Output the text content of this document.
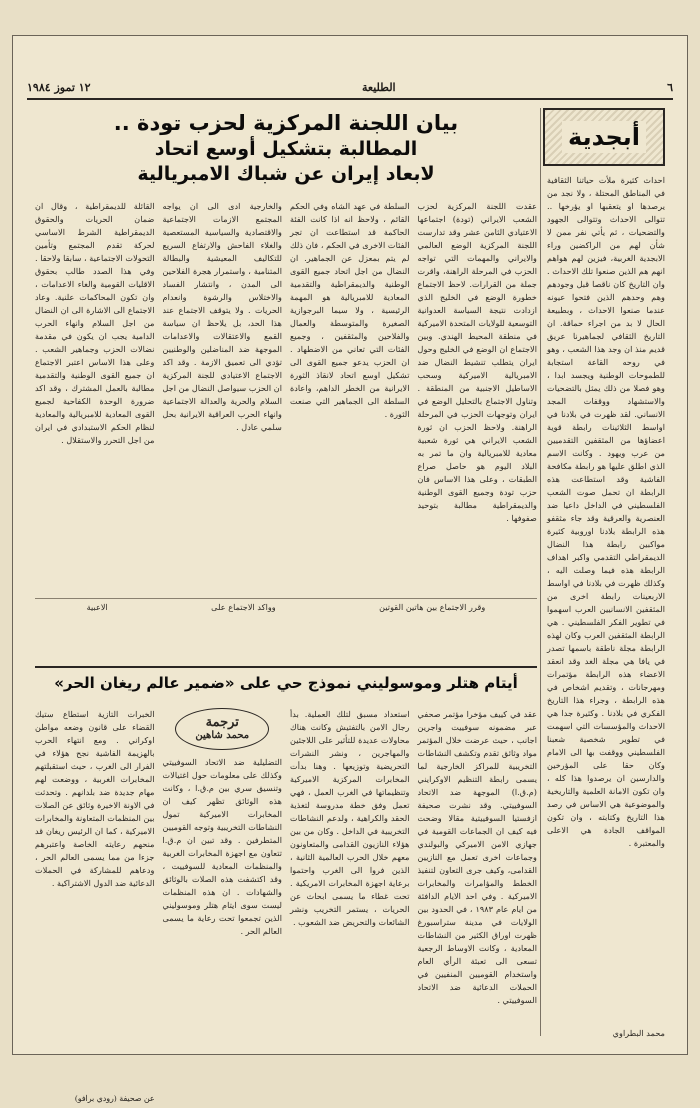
١٢ تموز ١٩٨٤	الطليعة	٦
أبجدية

احداث كثيرة ملأت حياتنا الثقافية في المناطق المحتلة ، ولا نجد من يرصدها او يتعقبها او يؤرخها .. تتوالى الاحداث وتتوالى الجهود والتضحيات ، ثم يأتي نفر ممن لا شأن لهم من الراكضين وراء الابجدية الغربية، فيزين لهم هواهم انهم هم الذين صنعوا تلك الاحداث . وان التاريخ كان ناقصا قبل وجودهم وهم وحدهم الذين فتحوا عيونه عندما صنعوا الاحداث ، وبطبيعة الحال لا بد من اجراء حماقة. ان التاريخ الثقافي لجماهيرنا عريق قديم منذ ان وجد هذا الشعب ، وهو في روحه القاعة استجابة للطموحات الوطنية ويجسد ابدا ، وهو فصلا من ذلك يمثل بالتضحيات والاستشهاد ووقفات المجد الانساني. لقد ظهرت في بلادنا في اواسط الثلاثينات رابطة قوية اعضاؤها من المثقفين التقدميين من عرب ويهود . وكانت الاسم الذي اطلق عليها هو رابطة مكافحة الفاشية وقد استطاعت هذه الرابطة ان تحمل صوت الشعب الفلسطيني في الداخل داعيا ضد العنصرية والعرقية وقد جاء مثقفو هذه الرابطة بلادنا اوروبية كثيرة مواكبين رابطة هذا النضال الديمقراطي التقدمي واكبر اهداف الرابطة هذه فيما وصلت اليه ، وكذلك ظهرت في بلادنا في اواسط الاربعينات رابطة اخرى من المثقفين الانسانيين العرب اسهموا في تطوير الفكر الفلسطيني . هي الرابطة المثقفين العرب وكان لهذه الرابطة مجلة ناطقة باسمها تصدر في يافا هي مجلة الغد وقد انعقد الاعضاء هذه الرابطة مؤتمرات ومهرجانات ، وتقديم اشخاص في هذه الرابطة ، وجراء هذا التاريخ الفكري في بلادنا . وكثيرة جدا هي الاحداث والمؤسسات التي اسهمت في تطوير شخصية شعبنا الفلسطيني ووقفت بها الى الامام وكان حقا على المؤرخين والدارسين ان يرصدوا هذا كله ، وان تكون الامانة العلمية والتاريخية والموضوعية هي الاساس في رصد هذا التاريخ وكتابته ، وان تكون المواقف الجادة هي الاعلى والمعتبرة .

محمد البطراوي
بيان اللجنة المركزية لحزب تودة ..
المطالبة بتشكيل أوسع اتحاد
لابعاد إيران عن شباك الامبريالية

عقدت اللجنة المركزية لحزب الشعب الايراني (تودة) اجتماعها الاعتيادي الثامن عشر وقد تدارست اللجنة المركزية الوضع العالمي والايراني والمهمات التي تواجه الحزب في المرحلة الراهنة، واقرت جملة من القرارات. لاحظ الاجتماع خطورة الوضع في الخليج الذي ازدادت نتيجة السياسة العدوانية التوسعية للولايات المتحدة الاميركية في منطقة المحيط الهندي. وبين الاجتماع ان الوضع في الخليج وحول ايران يتطلب تنشيط النضال ضد الامبريالية الاميركية وسحب الاساطيل الاجنبية من المنطقة . وتناول الاجتماع بالتحليل الوضع في ايران وتوجهات الحزب في المرحلة الراهنة. ولاحظ الحزب ان ثورة الشعب الايراني هي ثورة شعبية معادية للامبريالية وان ما تمر به البلاد اليوم هو حاصل صراع الطبقات ، وعلى هذا الاساس فان حزب تودة وجميع القوى الوطنية والديمقراطية مطالبة بتوحيد صفوفها .

السلطة في عهد الشاه وفي الحكم القائم ، ولاحظ انه اذا كانت الفئة الحاكمة قد استطاعت ان تجر الفئات الاخرى في الحكم ، فان ذلك لم يتم بمعزل عن الجماهير. ان النضال من اجل اتحاد جميع القوى الوطنية والديمقراطية والتقدمية المعادية للامبريالية هو المهمة الرئيسية ، ولا سيما البرجوازية الصغيرة والمتوسطة والعمال والفلاحين والمثقفين ، وجميع الفئات التي تعاني من الاضطهاد . ان الحزب يدعو جميع القوى الى تشكيل اوسع اتحاد لانقاذ الثورة الايرانية من الخطر الداهم، واعادة السلطة الى الجماهير التي صنعت الثورة .

والخارجية ادى الى ان يواجه المجتمع الازمات الاجتماعية والاقتصادية والسياسية المستعصية والغلاء الفاحش والارتفاع السريع للتكاليف المعيشية والبطالة المتنامية ، واستمرار هجرة الفلاحين الى المدن ، وانتشار الفساد والاختلاس والرشوة وانعدام الحريات . ولا يتوقف الاجتماع عند هذا الحد، بل يلاحظ ان سياسة القمع والاعتقالات والاعدامات الموجهة ضد المناضلين والوطنيين تؤدي الى تعميق الازمة . وقد اكد الاجتماع الاعتيادي للجنة المركزية ان الحزب سيواصل النضال من اجل السلام والحرية والعدالة الاجتماعية وانهاء الحرب العراقية الايرانية بحل سلمي عادل .

القائلة للديمقراطية ، وقال ان ضمان الحريات والحقوق الديمقراطية الشرط الاساسي لحركة تقدم المجتمع وتأمين التحولات الاجتماعية ، سابقا ولاحقا . وفي هذا الصدد طالب بحقوق الاقليات القومية والغاء الاعدامات ، وان تكون المحاكمات علنية. وعاد الاجتماع الى الاشارة الى ان النضال من اجل السلام وانهاء الحرب الدامية يجب ان يكون في مقدمة نضالات الحزب وجماهير الشعب . وعلى هذا الاساس اعتبر الاجتماع ان جميع القوى الوطنية والتقدمية مطالبة بالعمل المشترك ، وقد اكد ضرورة الوحدة الكفاحية لجميع القوى المعادية للامبريالية والمعادية لنظام الحكم الاستبدادي في ايران من اجل التحرر والاستقلال .

وقرر الاجتماع بين هاتين القوتين
وواكد الاجتماع على
الاعبية
أيتام هتلر وموسوليني نموذج حي على «ضمير عالم ريغان الحر»

عقد في كييف مؤخرا مؤتمر صحفي عبر مضمونه سوفييت واجرين اجانب ، حيث عرضت خلال المؤتمر مواد وثائق تقدم وتكشف النشاطات التخريبية للمراكز الخارجية لما يسمى رابطة التنظيم الاوكرايني (م.ق.ا) الموجهة ضد الاتحاد السوفييتي. وقد نشرت صحيفة ازفستيا السوفييتية مقالا وضحت فيه كيف ان الجماعات القومية في جهازي الامن الاميركي والبولندي وجماعات اخرى تعمل مع النازيين القدامى، وكيف جرى التعاون لتنفيذ الخطط والمؤامرات والمخابرات الاميركية . وفي احد الايام الدافئة من ايام عام ١٩٨٣ ، في الحدود بين الولايات في مدينة ستراسبورغ ظهرت اوراق الكثير من النشاطات المعادية ، وكانت الاوساط الرجعية تسعى الى تعبئة الرأي العام واستخدام القوميين المنفيين في الحملات الدعائية ضد الاتحاد السوفييتي .

استعداد مسبق لتلك العملية. بدأ رجال الامن بالتفتيش وكانت هناك محاولات عديدة للتأثير على اللاجئين والمهاجرين ، ونشر النشرات التحريضية وتوزيعها . وهنا بدأت المخابرات المركزية الاميركية وتنظيماتها في الغرب العمل ، فهي تعمل وفق خطة مدروسة لتغذية الحقد والكراهية ، ولدعم النشاطات التخريبية في الداخل . وكان من بين هؤلاء النازيون القدامى والمتعاونون معهم خلال الحرب العالمية الثانية ، الذين فروا الى الغرب واحتموا برعاية اجهزة المخابرات الامريكية . تحت غطاء ما يسمى ابحاث عن الحريات ، يستمر التخريب ونشر الشائعات والتحريض ضد الشعوب .

ترجمة
محمد شاهين

التضليلية ضد الاتحاد السوفييتي وكذلك على معلومات حول اغتيالات وتنسيق سري بين م.ق.ا ، وكانت هذه الوثائق تظهر كيف ان المخابرات الاميركية تمول النشاطات التخريبية وتوجه القوميين المتطرفين . وقد تبين ان م.ق.ا تتعاون مع اجهزة المخابرات الغربية والمنظمات المعادية للسوفييت ، وقد اكتشفت هذه الصلات بالوثائق والشهادات . ان هذه المنظمات ليست سوى ايتام هتلر وموسوليني الذين تجمعوا تحت رعاية ما يسمى العالم الحر .

الخبرات التازية استطاع ستيك القضاء على قانون وضعه مواطن اوكراني . ومع انتهاء الحرب بالهزيمة الفاشية نجح هؤلاء في الفرار الى الغرب ، حيث استقبلتهم المخابرات الغربية ، ووضعت لهم مهام جديدة ضد بلدانهم . وتحدثت في الاونة الاخيرة وثائق عن الصلات بين المنظمات المتعاونة والمخابرات الاميركية ، كما ان الرئيس ريغان قد منحهم رعايته الخاصة واعتبرهم جزءا من مما يسمى العالم الحر ، ودعاهم للمشاركة في الحملات الدعائية ضد الدول الاشتراكية .

عن صحيفة (رودي برافو)
